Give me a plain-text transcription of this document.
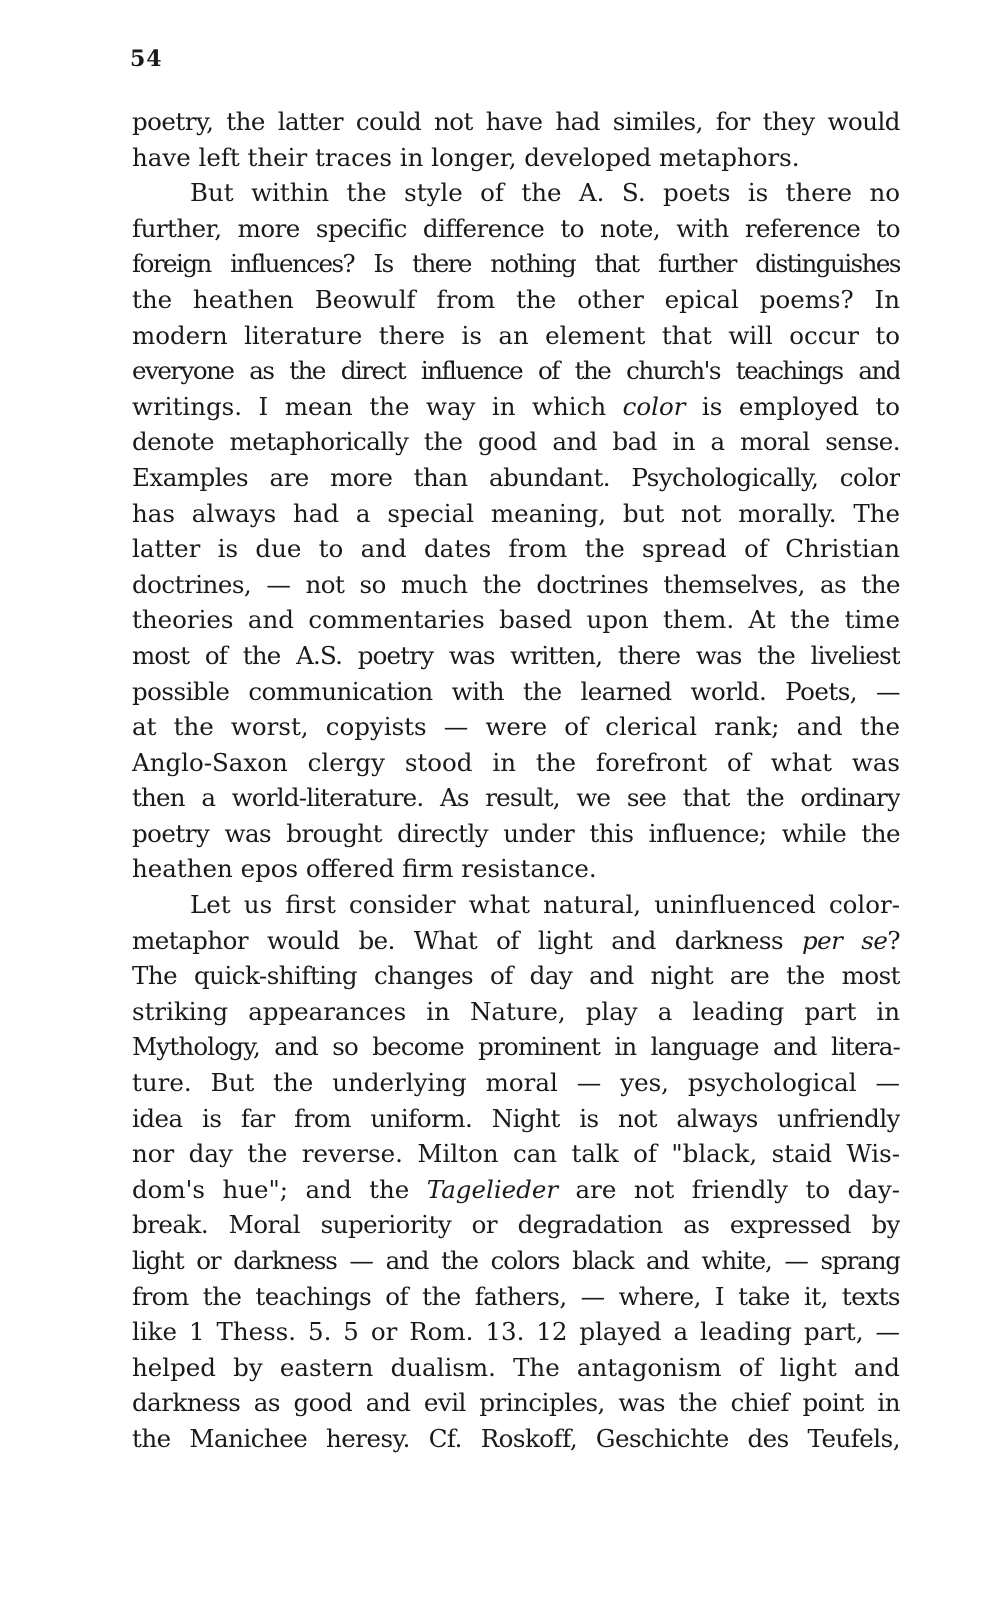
54
poetry, the latter could not have had similes, for they would
have left their traces in longer, developed metaphors.
But within the style of the A. S. poets is there no
further, more specific difference to note, with reference to
foreign influences? Is there nothing that further distinguishes
the heathen Beowulf from the other epical poems? In
modern literature there is an element that will occur to
everyone as the direct influence of the church's teachings and
writings. I mean the way in which color is employed to
denote metaphorically the good and bad in a moral sense.
Examples are more than abundant. Psychologically, color
has always had a special meaning, but not morally. The
latter is due to and dates from the spread of Christian
doctrines, — not so much the doctrines themselves, as the
theories and commentaries based upon them. At the time
most of the A.S. poetry was written, there was the liveliest
possible communication with the learned world. Poets, —
at the worst, copyists — were of clerical rank; and the
Anglo-Saxon clergy stood in the forefront of what was
then a world-literature. As result, we see that the ordinary
poetry was brought directly under this influence; while the
heathen epos offered firm resistance.
Let us first consider what natural, uninfluenced color-
metaphor would be. What of light and darkness per se?
The quick-shifting changes of day and night are the most
striking appearances in Nature, play a leading part in
Mythology, and so become prominent in language and litera-
ture. But the underlying moral — yes, psychological —
idea is far from uniform. Night is not always unfriendly
nor day the reverse. Milton can talk of "black, staid Wis-
dom's hue"; and the Tagelieder are not friendly to day-
break. Moral superiority or degradation as expressed by
light or darkness — and the colors black and white, — sprang
from the teachings of the fathers, — where, I take it, texts
like 1 Thess. 5. 5 or Rom. 13. 12 played a leading part, —
helped by eastern dualism. The antagonism of light and
darkness as good and evil principles, was the chief point in
the Manichee heresy. Cf. Roskoff, Geschichte des Teufels,
